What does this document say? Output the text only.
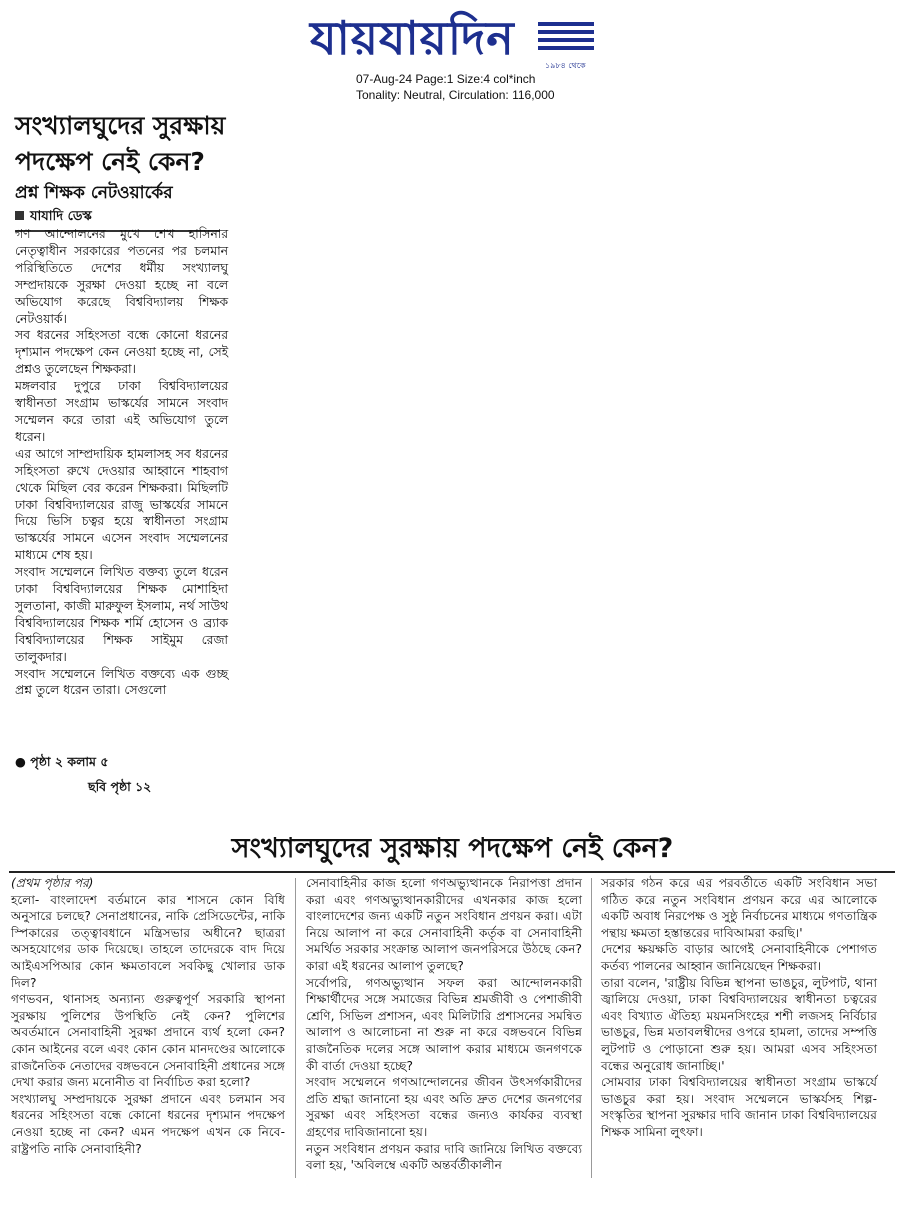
যায়যায়দিন
১৯৮৪ থেকে
07-Aug-24 Page:1 Size:4 col*inch
Tonality: Neutral, Circulation: 116,000
সংখ্যালঘুদের সুরক্ষায়
পদক্ষেপ নেই কেন?
প্রশ্ন শিক্ষক নেটওয়ার্কের
যাযাদি ডেস্ক

গণ আন্দোলনের মুখে শেখ হাসিনার নেতৃত্বাধীন সরকারের পতনের পর চলমান পরিস্থিতিতে দেশের ধর্মীয় সংখ্যালঘু সম্প্রদায়কে সুরক্ষা দেওয়া হচ্ছে না বলে অভিযোগ করেছে বিশ্ববিদ্যালয় শিক্ষক নেটওয়ার্ক।

সব ধরনের সহিংসতা বন্ধে কোনো ধরনের দৃশ্যমান পদক্ষেপ কেন নেওয়া হচ্ছে না, সেই প্রশ্নও তুলেছেন শিক্ষকরা।

মঙ্গলবার দুপুরে ঢাকা বিশ্ববিদ্যালয়ের স্বাধীনতা সংগ্রাম ভাস্কর্যের সামনে সংবাদ সম্মেলন করে তারা এই অভিযোগ তুলে ধরেন।

এর আগে সাম্প্রদায়িক হামলাসহ সব ধরনের সহিংসতা রুখে দেওয়ার আহ্বানে শাহবাগ থেকে মিছিল বের করেন শিক্ষকরা। মিছিলটি ঢাকা বিশ্ববিদ্যালয়ের রাজু ভাস্কর্যের সামনে দিয়ে ভিসি চত্বর হয়ে স্বাধীনতা সংগ্রাম ভাস্কর্যের সামনে এসেন সংবাদ সম্মেলনের মাধ্যমে শেষ হয়।

সংবাদ সম্মেলনে লিখিত বক্তব্য তুলে ধরেন ঢাকা বিশ্ববিদ্যালয়ের শিক্ষক মোশাহিদা সুলতানা, কাজী মারুফুল ইসলাম, নর্থ সাউথ বিশ্ববিদ্যালয়ের শিক্ষক শর্মি হোসেন ও ব্র্যাক বিশ্ববিদ্যালয়ের শিক্ষক সাইমুম রেজা তালুকদার।

সংবাদ সম্মেলনে লিখিত বক্তব্যে এক গুচ্ছ প্রশ্ন তুলে ধরেন তারা। সেগুলো

● পৃষ্ঠা ২ কলাম ৫
ছবি পৃষ্ঠা ১২
সংখ্যালঘুদের সুরক্ষায় পদক্ষেপ নেই কেন?

(প্রথম পৃষ্ঠার পর)

হলো- বাংলাদেশ বর্তমানে কার শাসনে কোন বিধি অনুসারে চলছে? সেনাপ্রধানের, নাকি প্রেসিডেন্টের, নাকি স্পিকারের তত্ত্বাবধানে মন্ত্রিসভার অধীনে? ছাত্ররা অসহযোগের ডাক দিয়েছে। তাহলে তাদেরকে বাদ দিয়ে আইএসপিআর কোন ক্ষমতাবলে সবকিছু খোলার ডাক দিল?

গণভবন, থানাসহ অন্যান্য গুরুত্বপূর্ণ সরকারি স্থাপনা সুরক্ষায় পুলিশের উপস্থিতি নেই কেন? পুলিশের অবর্তমানে সেনাবাহিনী সুরক্ষা প্রদানে ব্যর্থ হলো কেন? কোন আইনের বলে এবং কোন কোন মানদণ্ডের আলোকে রাজনৈতিক নেতাদের বঙ্গভবনে সেনাবাহিনী প্রধানের সঙ্গে দেখা করার জন্য মনোনীত বা নির্বাচিত করা হলো?

সংখ্যালঘু সম্প্রদায়কে সুরক্ষা প্রদানে এবং চলমান সব ধরনের সহিংসতা বন্ধে কোনো ধরনের দৃশ্যমান পদক্ষেপ নেওয়া হচ্ছে না কেন? এমন পদক্ষেপ এখন কে নিবে- রাষ্ট্রপতি নাকি সেনাবাহিনী?

সেনাবাহিনীর কাজ হলো গণঅভ্যুত্থানকে নিরাপত্তা প্রদান করা এবং গণঅভ্যুত্থানকারীদের এখনকার কাজ হলো বাংলাদেশের জন্য একটি নতুন সংবিধান প্রণয়ন করা। এটা নিয়ে আলাপ না করে সেনাবাহিনী কর্তৃক বা সেনাবাহিনী সমর্থিত সরকার সংক্রান্ত আলাপ জনপরিসরে উঠছে কেন? কারা এই ধরনের আলাপ তুলছে?

সর্বোপরি, গণঅভ্যুত্থান সফল করা আন্দোলনকারী শিক্ষার্থীদের সঙ্গে সমাজের বিভিন্ন শ্রমজীবী ও পেশাজীবী শ্রেণি, সিভিল প্রশাসন, এবং মিলিটারি প্রশাসনের সমন্বিত আলাপ ও আলোচনা না শুরু না করে বঙ্গভবনে বিভিন্ন রাজনৈতিক দলের সঙ্গে আলাপ করার মাধ্যমে জনগণকে কী বার্তা দেওয়া হচ্ছে?

সংবাদ সম্মেলনে গণআন্দোলনের জীবন উৎসর্গকারীদের প্রতি শ্রদ্ধা জানানো হয় এবং অতি দ্রুত দেশের জনগণের সুরক্ষা এবং সহিংসতা বন্ধের জন্যও কার্যকর ব্যবস্থা গ্রহণের দাবিজানানো হয়।

নতুন সংবিধান প্রণয়ন করার দাবি জানিয়ে লিখিত বক্তব্যে বলা হয়, 'অবিলম্বে একটি অন্তর্বর্তীকালীন

সরকার গঠন করে এর পরবর্তীতে একটি সংবিধান সভা গঠিত করে নতুন সংবিধান প্রণয়ন করে এর আলোকে একটি অবাধ নিরপেক্ষ ও সুষ্ঠু নির্বাচনের মাধ্যমে গণতান্ত্রিক পন্থায় ক্ষমতা হস্তান্তরের দাবিআমরা করছি।'

দেশের ক্ষয়ক্ষতি বাড়ার আগেই সেনাবাহিনীকে পেশাগত কর্তব্য পালনের আহ্বান জানিয়েছেন শিক্ষকরা।

তারা বলেন, 'রাষ্ট্রীয় বিভিন্ন স্থাপনা ভাঙচুর, লুটপাট, থানা জ্বালিয়ে দেওয়া, ঢাকা বিশ্ববিদ্যালয়ের স্বাধীনতা চত্বরের এবং বিখ্যাত ঐতিহ্য ময়মনসিংহের শশী লজসহ নির্বিচার ভাঙচুর, ভিন্ন মতাবলম্বীদের ওপরে হামলা, তাদের সম্পত্তি লুটপাট ও পোড়ানো শুরু হয়। আমরা এসব সহিংসতা বন্ধের অনুরোধ জানাচ্ছি।'

সোমবার ঢাকা বিশ্ববিদ্যালয়ের স্বাধীনতা সংগ্রাম ভাস্কর্যে ভাঙচুর করা হয়। সংবাদ সম্মেলনে ভাস্কর্যসহ শিল্প-সংস্কৃতির স্থাপনা সুরক্ষার দাবি জানান ঢাকা বিশ্ববিদ্যালয়ের শিক্ষক সামিনা লুৎফা।
